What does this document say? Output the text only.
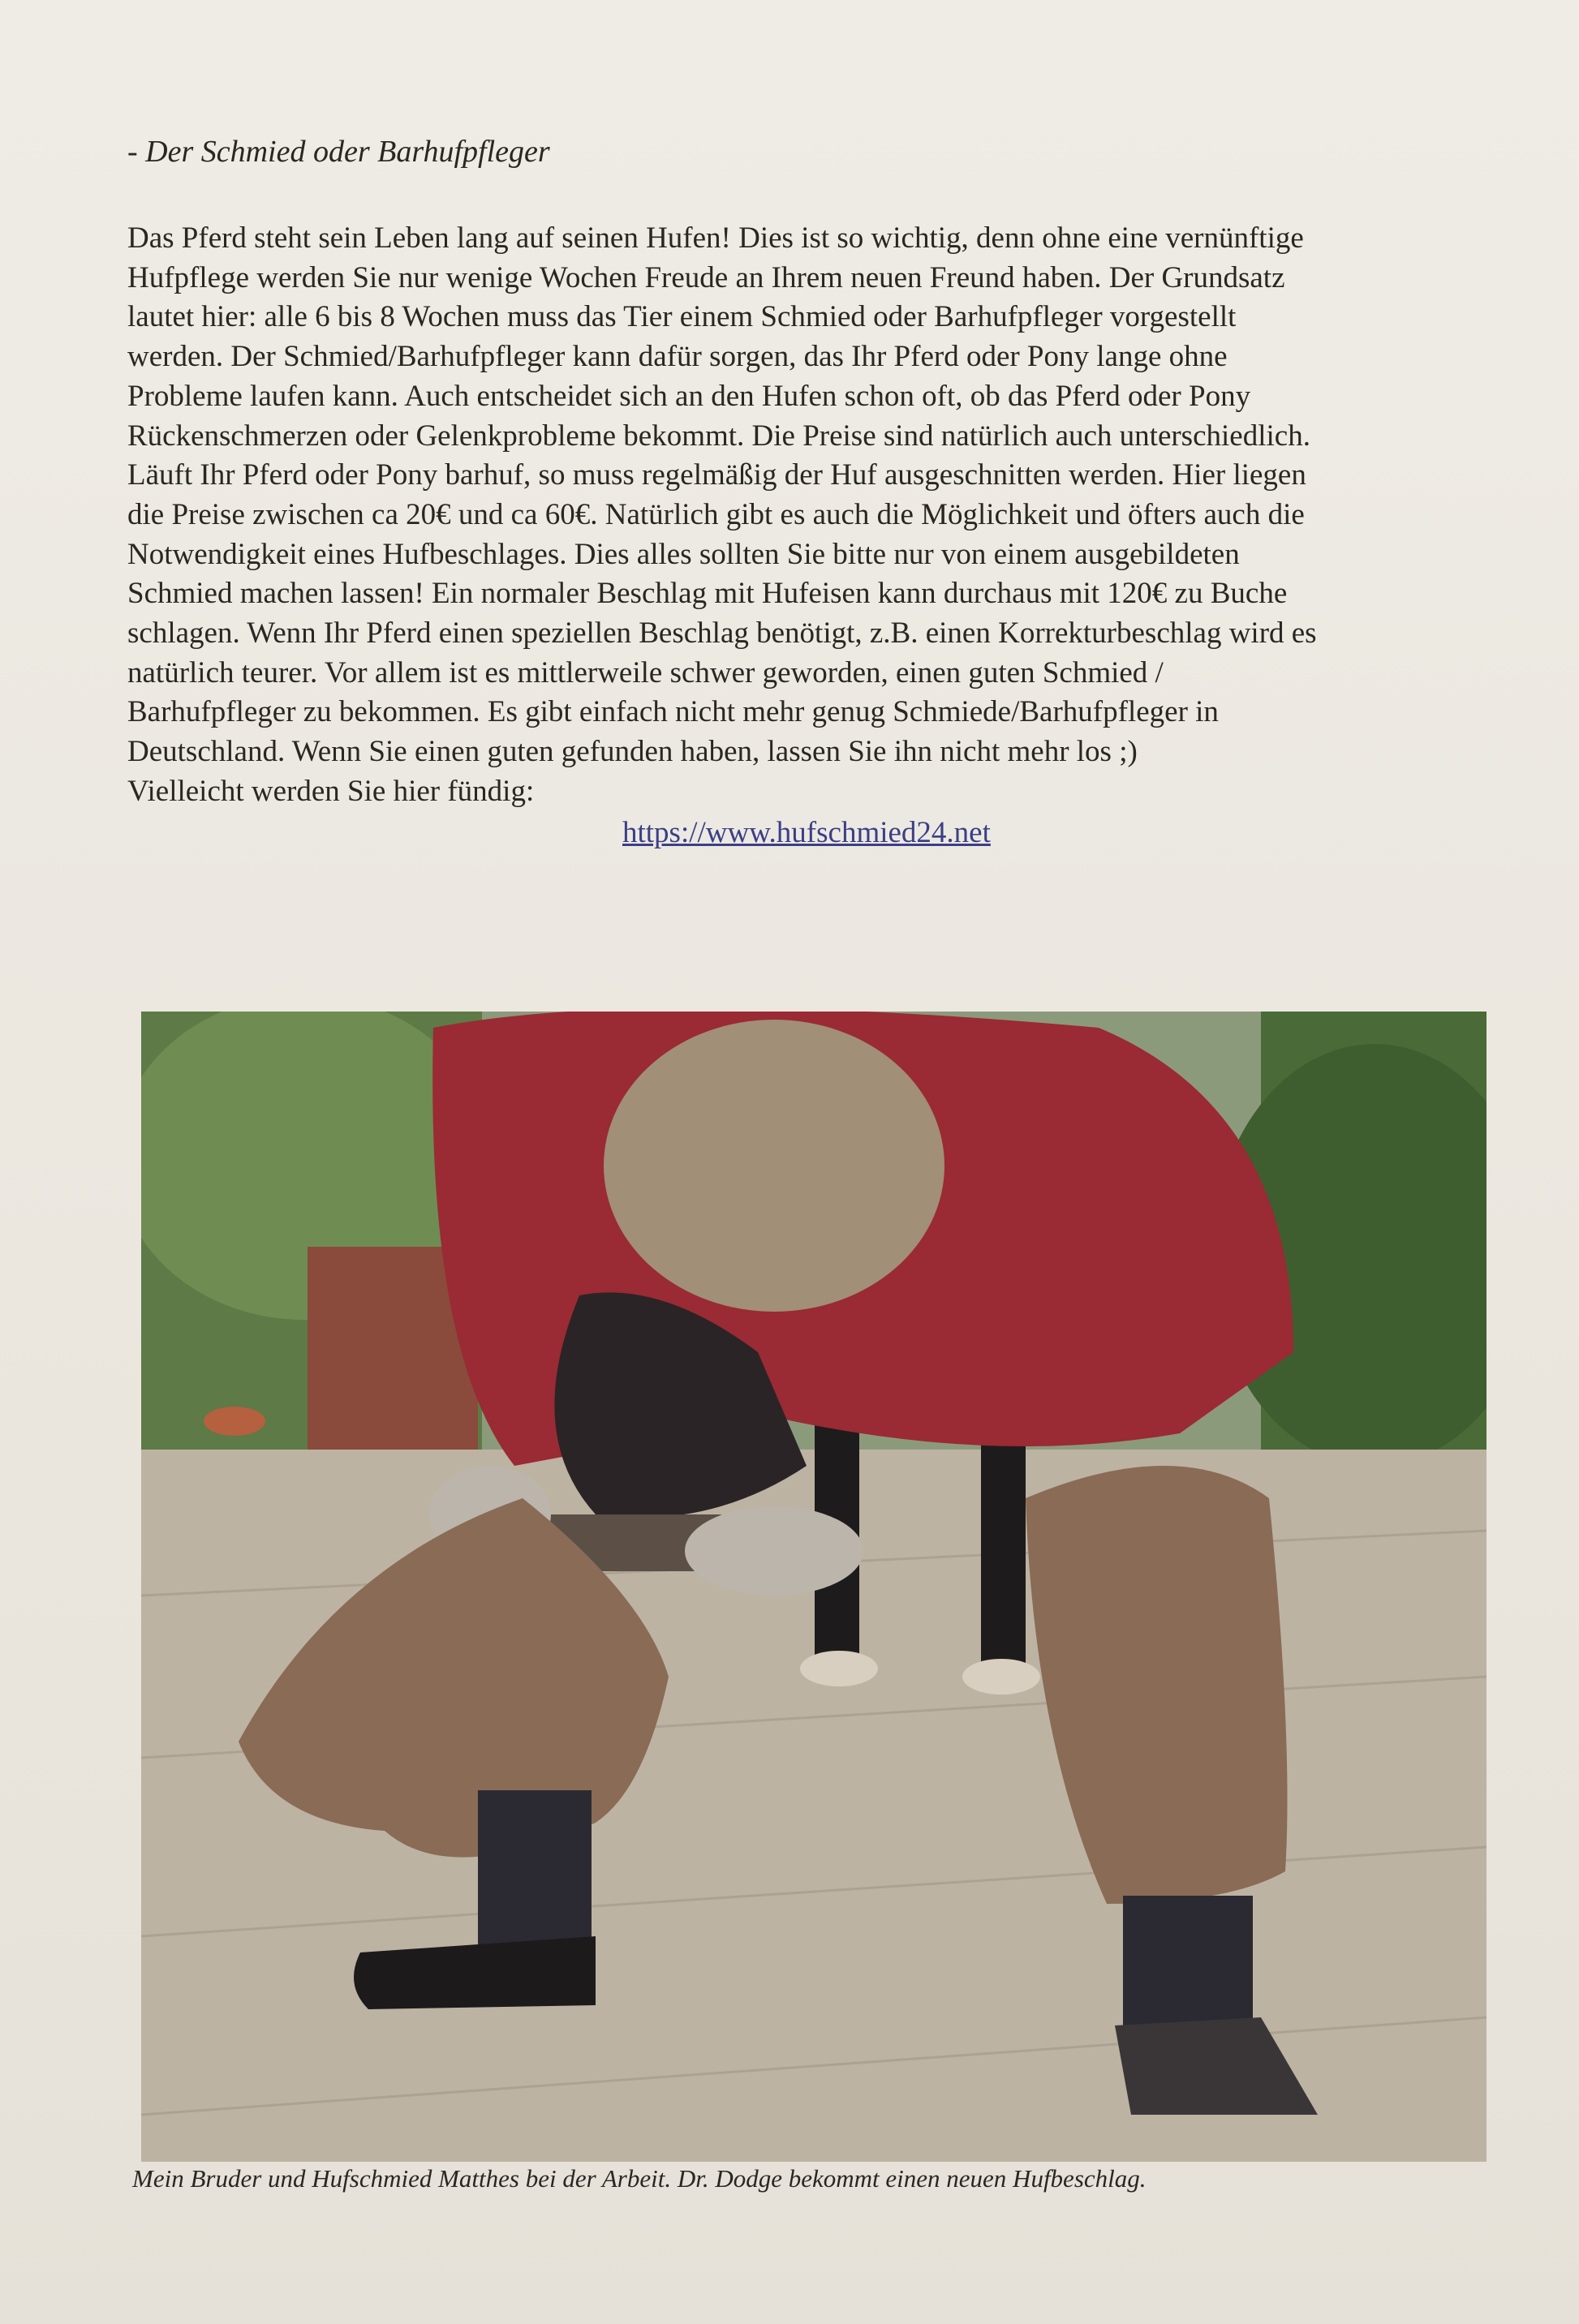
- Der Schmied oder Barhufpfleger
Das Pferd steht sein Leben lang auf seinen Hufen! Dies ist so wichtig, denn ohne eine vernünftige
Hufpflege werden Sie nur wenige Wochen Freude an Ihrem neuen Freund haben. Der Grundsatz
lautet hier: alle 6 bis 8 Wochen muss das Tier einem Schmied oder Barhufpfleger vorgestellt
werden. Der Schmied/Barhufpfleger kann dafür sorgen, das Ihr Pferd oder Pony lange ohne
Probleme laufen kann. Auch entscheidet sich an den Hufen schon oft, ob das Pferd oder Pony
Rückenschmerzen oder Gelenkprobleme bekommt. Die Preise sind natürlich auch unterschiedlich.
Läuft Ihr Pferd oder Pony barhuf, so muss regelmäßig der Huf ausgeschnitten werden. Hier liegen
die Preise zwischen ca 20€ und ca 60€. Natürlich gibt es auch die Möglichkeit und öfters auch die
Notwendigkeit eines Hufbeschlages. Dies alles sollten Sie bitte nur von einem ausgebildeten
Schmied machen lassen! Ein normaler Beschlag mit Hufeisen kann durchaus mit 120€ zu Buche
schlagen. Wenn Ihr Pferd einen speziellen Beschlag benötigt, z.B. einen Korrekturbeschlag wird es
natürlich teurer. Vor allem ist es mittlerweile schwer geworden, einen guten Schmied /
Barhufpfleger zu bekommen. Es gibt einfach nicht mehr genug Schmiede/Barhufpfleger in
Deutschland. Wenn Sie einen guten gefunden haben, lassen Sie ihn nicht mehr los ;)
Vielleicht werden Sie hier fündig:
https://www.hufschmied24.net
Mein Bruder und Hufschmied Matthes bei der Arbeit. Dr. Dodge bekommt einen neuen Hufbeschlag.
